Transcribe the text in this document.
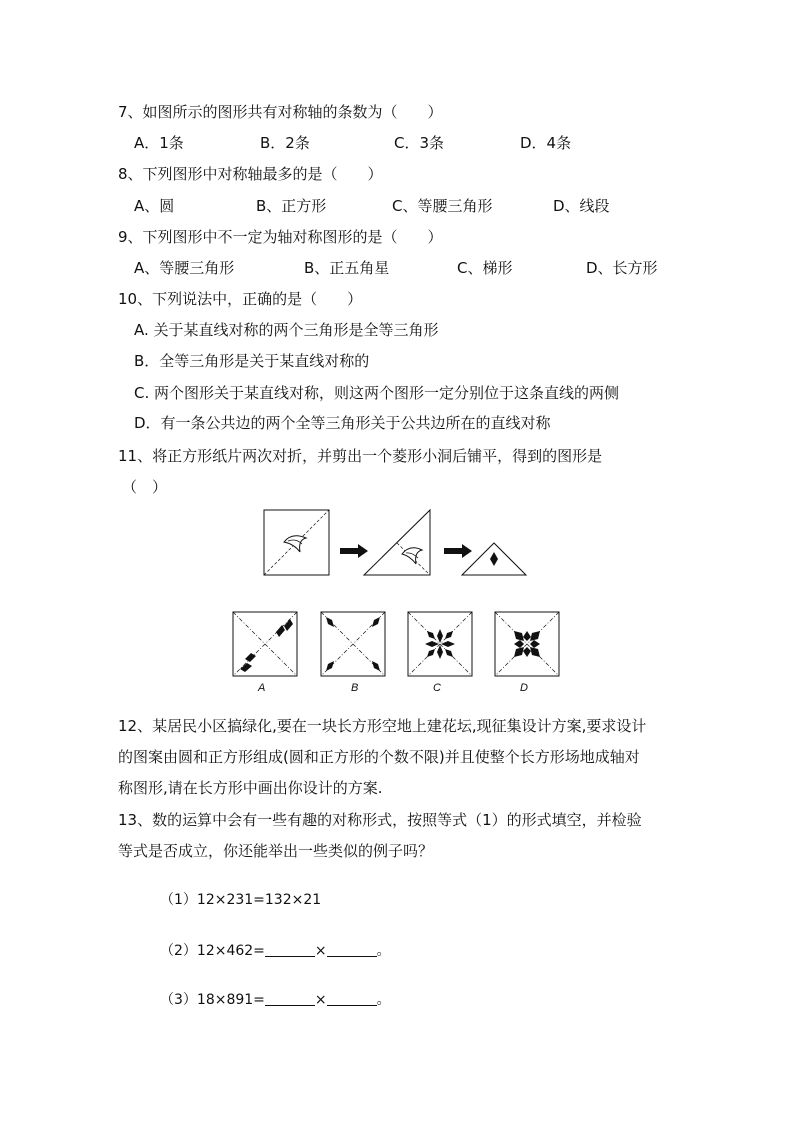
7、如图所示的图形共有对称轴的条数为（　　）
A．1条	B．2条	C．3条	D．4条
8、下列图形中对称轴最多的是（　　）
A、圆	B、正方形	C、等腰三角形	D、线段
9、下列图形中不一定为轴对称图形的是（　　）
A、等腰三角形	B、正五角星	C、梯形	D、长方形
10、下列说法中，正确的是（　　）
A. 关于某直线对称的两个三角形是全等三角形
B．全等三角形是关于某直线对称的
C. 两个图形关于某直线对称，则这两个图形一定分别位于这条直线的两侧
D．有一条公共边的两个全等三角形关于公共边所在的直线对称
11、将正方形纸片两次对折，并剪出一个菱形小洞后铺平，得到的图形是
（　）
A	B	C	D
12、某居民小区搞绿化,要在一块长方形空地上建花坛,现征集设计方案,要求设计
的图案由圆和正方形组成(圆和正方形的个数不限)并且使整个长方形场地成轴对
称图形,请在长方形中画出你设计的方案.
13、数的运算中会有一些有趣的对称形式，按照等式（1）的形式填空，并检验
等式是否成立，你还能举出一些类似的例子吗？
（1）12×231=132×21
（2）12×462=	×	。
（3）18×891=	×	。
